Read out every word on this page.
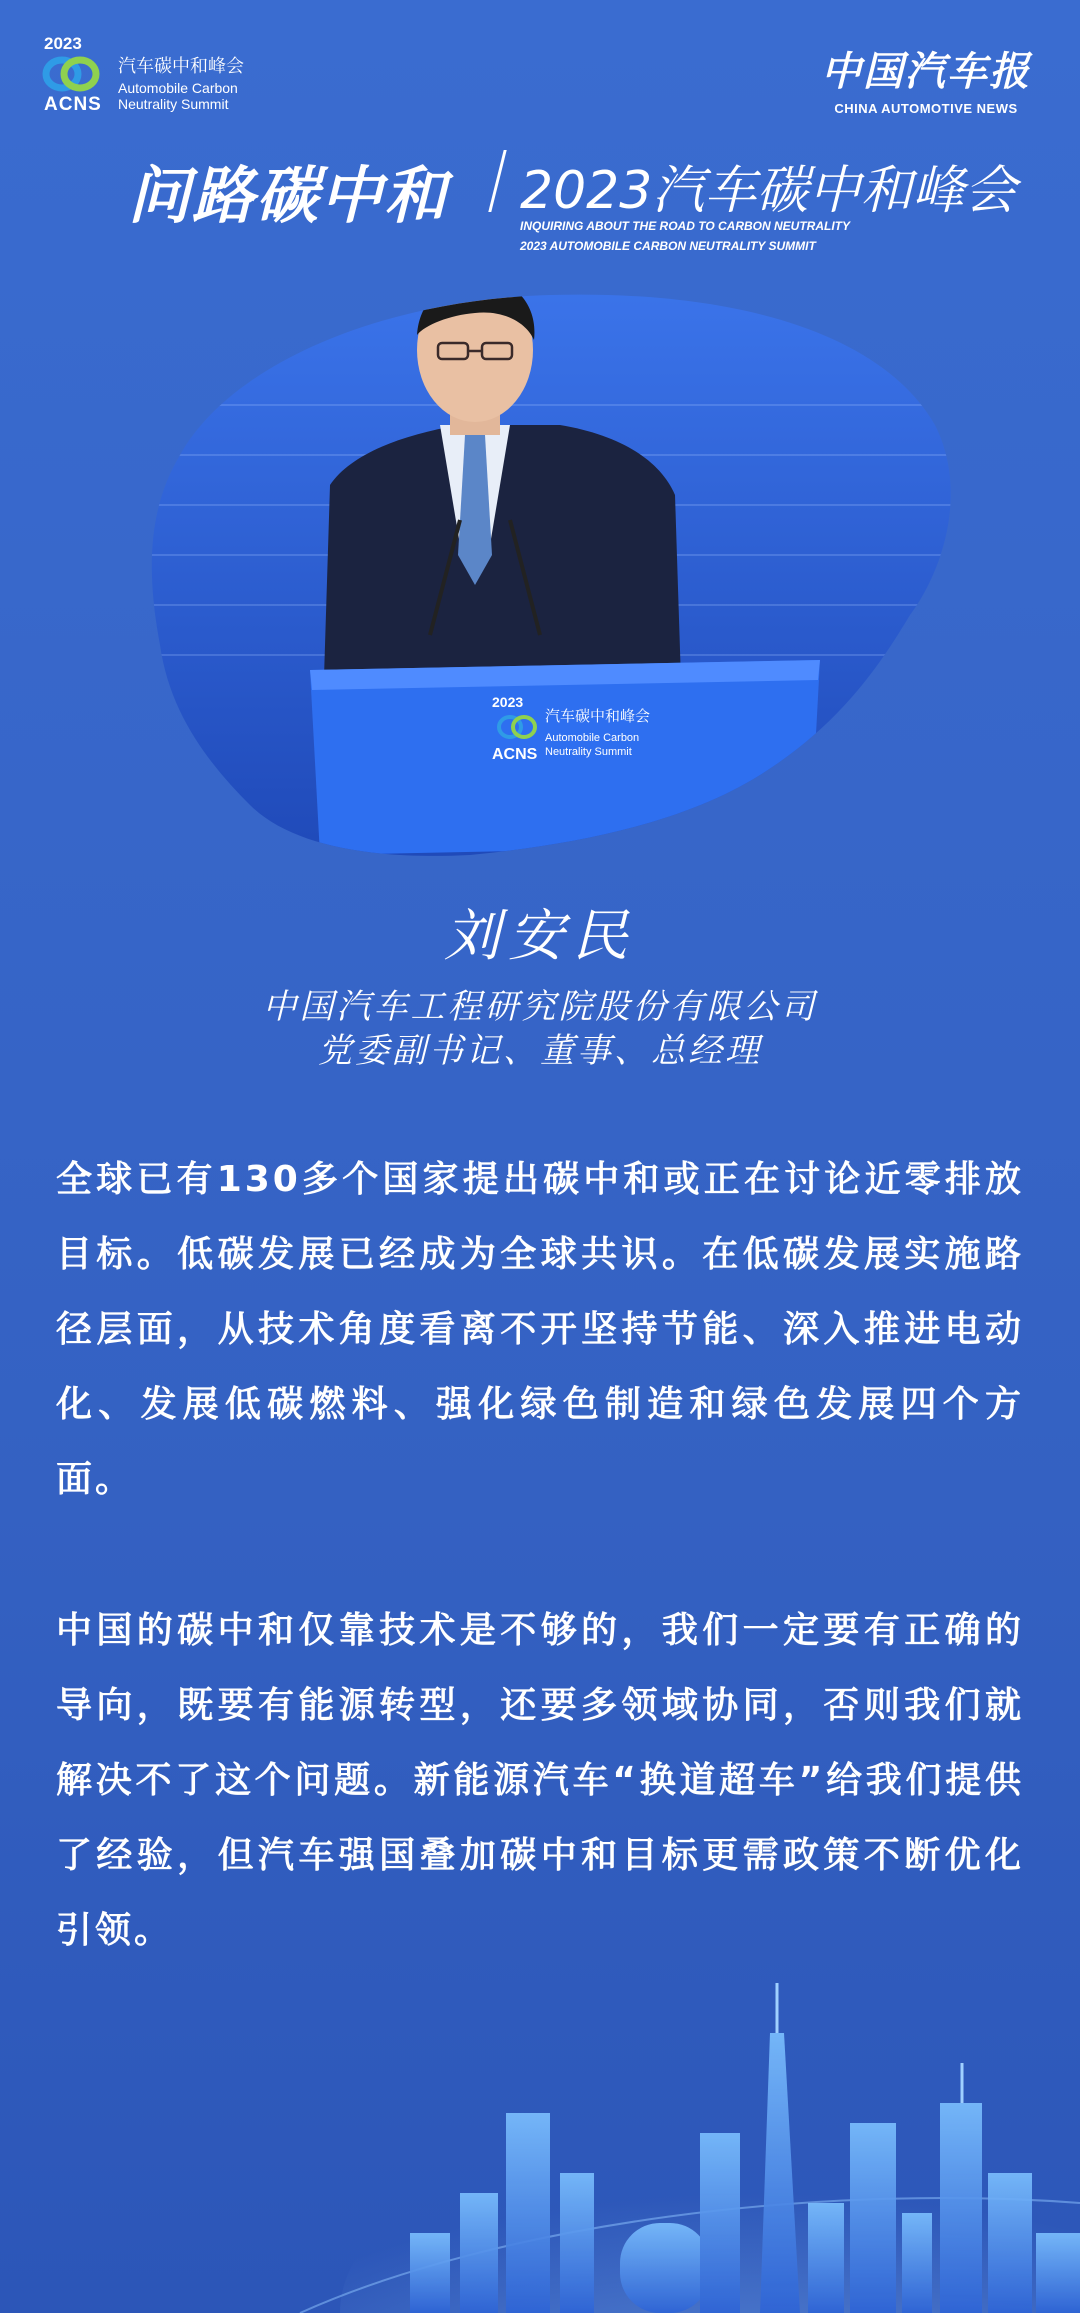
2023
ACNS
汽车碳中和峰会
Automobile Carbon
Neutrality Summit
中国汽车报
CHINA AUTOMOTIVE NEWS
问路碳中和 2023汽车碳中和峰会
INQUIRING ABOUT THE ROAD TO CARBON NEUTRALITY
2023 AUTOMOBILE CARBON NEUTRALITY SUMMIT
2023
ACNS
汽车碳中和峰会
Automobile Carbon
Neutrality Summit
刘安民
中国汽车工程研究院股份有限公司
党委副书记、董事、总经理

全球已有130多个国家提出碳中和或正在讨论近零排放目标。低碳发展已经成为全球共识。在低碳发展实施路径层面，从技术角度看离不开坚持节能、深入推进电动化、发展低碳燃料、强化绿色制造和绿色发展四个方面。

中国的碳中和仅靠技术是不够的，我们一定要有正确的导向，既要有能源转型，还要多领域协同，否则我们就解决不了这个问题。新能源汽车“换道超车”给我们提供了经验，但汽车强国叠加碳中和目标更需政策不断优化引领。
